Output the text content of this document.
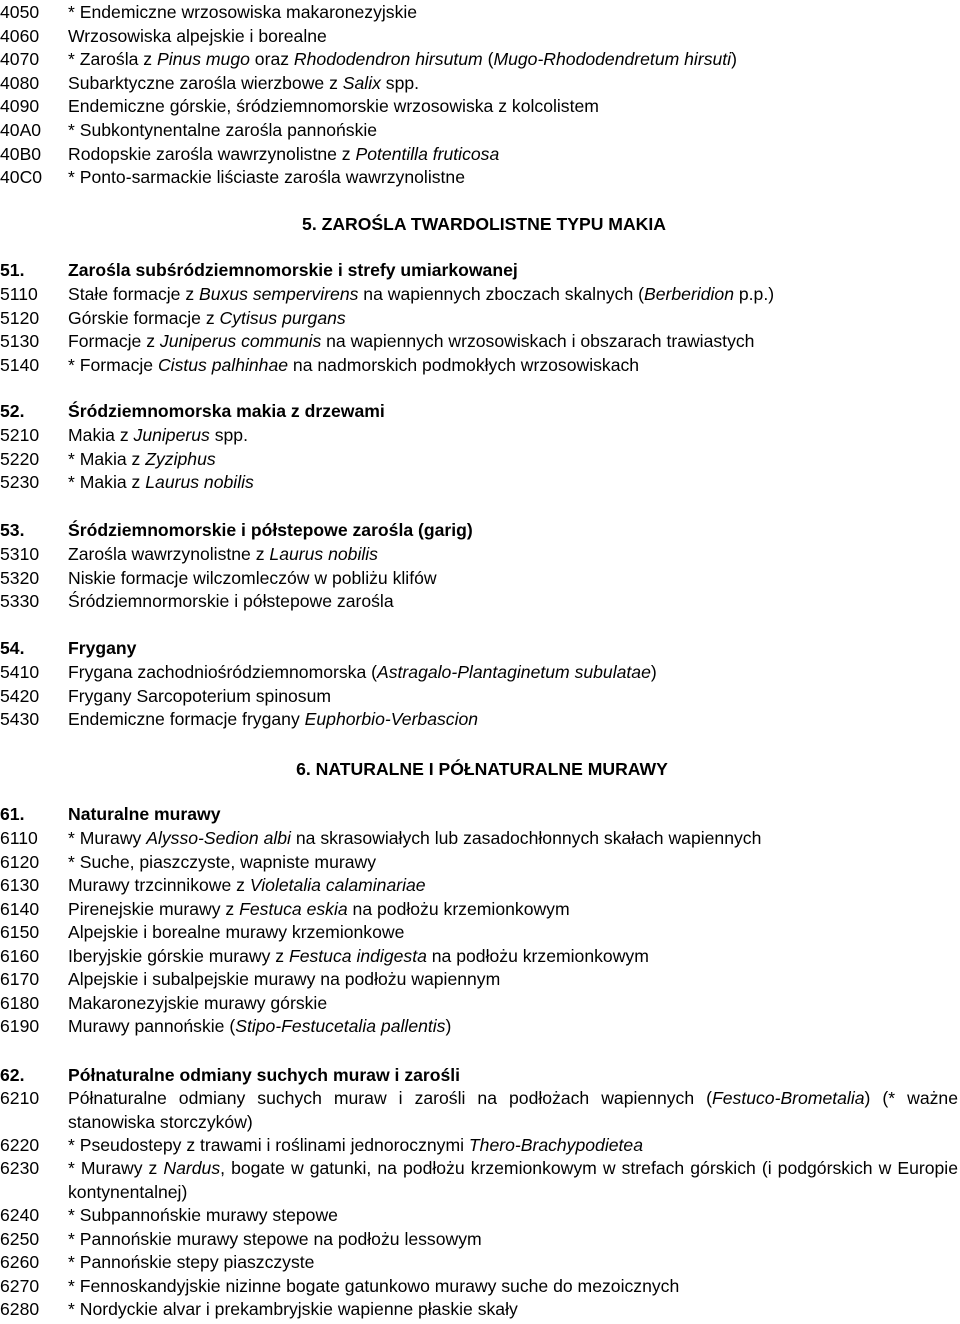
4050	* Endemiczne wrzosowiska makaronezyjskie
4060	Wrzosowiska alpejskie i borealne
4070	* Zarośla z Pinus mugo oraz Rhododendron hirsutum (Mugo-Rhododendretum hirsuti)
4080	Subarktyczne zarośla wierzbowe z Salix spp.
4090	Endemiczne górskie, śródziemnomorskie wrzosowiska z kolcolistem
40A0	* Subkontynentalne zarośla pannońskie
40B0	Rodopskie zarośla wawrzynolistne z Potentilla fruticosa
40C0	* Ponto-sarmackie liściaste zarośla wawrzynolistne
5. ZAROŚLA TWARDOLISTNE TYPU MAKIA
51.	Zarośla subśródziemnomorskie i strefy umiarkowanej
5110	Stałe formacje z Buxus sempervirens na wapiennych zboczach skalnych (Berberidion p.p.)
5120	Górskie formacje z Cytisus purgans
5130	Formacje z Juniperus communis na wapiennych wrzosowiskach i obszarach trawiastych
5140	* Formacje Cistus palhinhae na nadmorskich podmokłych wrzosowiskach
52.	Śródziemnomorska makia z drzewami
5210	Makia z Juniperus spp.
5220	* Makia z Zyziphus
5230	* Makia z Laurus nobilis
53.	Śródziemnomorskie i półstepowe zarośla (garig)
5310	Zarośla wawrzynolistne z Laurus nobilis
5320	Niskie formacje wilczomleczów w pobliżu klifów
5330	Śródziemnormorskie i półstepowe zarośla
54.	Frygany
5410	Frygana zachodniośródziemnomorska (Astragalo-Plantaginetum subulatae)
5420	Frygany Sarcopoterium spinosum
5430	Endemiczne formacje frygany Euphorbio-Verbascion
6. NATURALNE I PÓŁNATURALNE MURAWY
61.	Naturalne murawy
6110	* Murawy Alysso-Sedion albi na skrasowiałych lub zasadochłonnych skałach wapiennych
6120	* Suche, piaszczyste, wapniste murawy
6130	Murawy trzcinnikowe z Violetalia calaminariae
6140	Pirenejskie murawy z Festuca eskia na podłożu krzemionkowym
6150	Alpejskie i borealne murawy krzemionkowe
6160	Iberyjskie górskie murawy z Festuca indigesta na podłożu krzemionkowym
6170	Alpejskie i subalpejskie murawy na podłożu wapiennym
6180	Makaronezyjskie murawy górskie
6190	Murawy pannońskie (Stipo-Festucetalia pallentis)
62.	Półnaturalne odmiany suchych muraw i zarośli
6210	Półnaturalne odmiany suchych muraw i zarośli na podłożach wapiennych (Festuco-Brometalia) (* ważne stanowiska storczyków)
6220	* Pseudostepy z trawami i roślinami jednorocznymi Thero-Brachypodietea
6230	* Murawy z Nardus, bogate w gatunki, na podłożu krzemionkowym w strefach górskich (i podgórskich w Europie kontynentalnej)
6240	* Subpannońskie murawy stepowe
6250	* Pannońskie murawy stepowe na podłożu lessowym
6260	* Pannońskie stepy piaszczyste
6270	* Fennoskandyjskie nizinne bogate gatunkowo murawy suche do mezoicznych
6280	* Nordyckie alvar i prekambryjskie wapienne płaskie skały
